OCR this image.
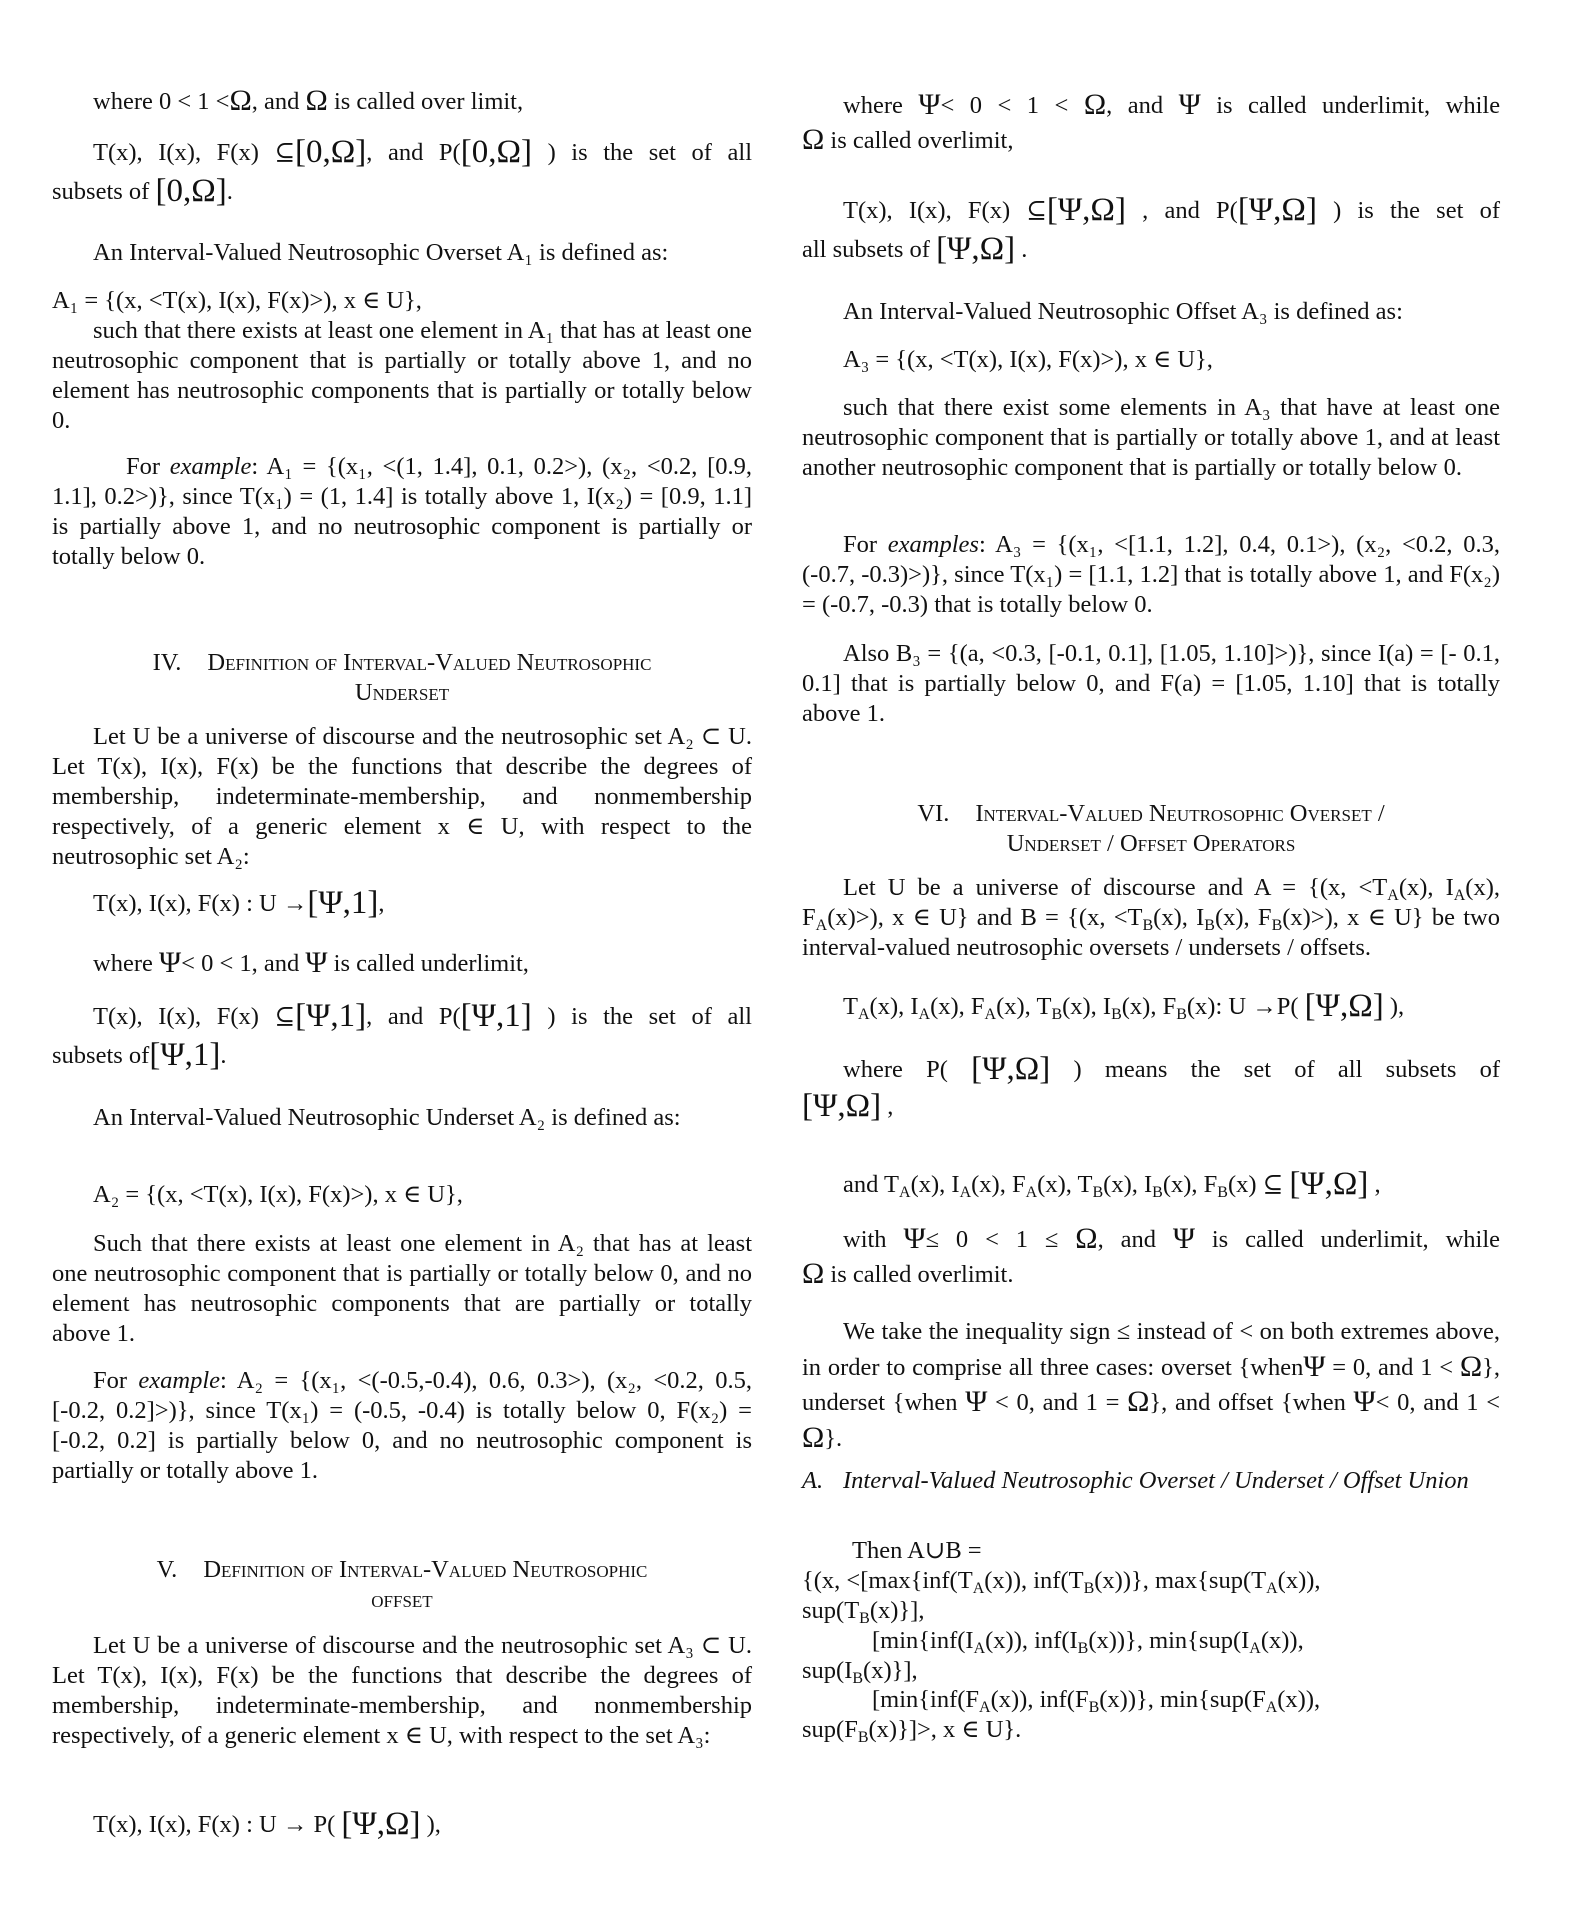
where 0 < 1 <Ω, and Ω is called over limit,

T(x), I(x), F(x) ⊆[0,Ω], and P([0,Ω] ) is the set of all

subsets of [0,Ω].

An Interval-Valued Neutrosophic Overset A₁ is defined as:

A₁ = {(x, <T(x), I(x), F(x)>), x ∈ U},

such that there exists at least one element in A₁ that has at least one neutrosophic component that is partially or totally above 1, and no element has neutrosophic components that is partially or totally below 0.

For example: A₁ = {(x₁, <(1, 1.4], 0.1, 0.2>), (x₂, <0.2, [0.9, 1.1], 0.2>)}, since T(x₁) = (1, 1.4] is totally above 1, I(x₂) = [0.9, 1.1] is partially above 1, and no neutrosophic component is partially or totally below 0.

IV. Definition of Interval-Valued Neutrosophic

Underset

Let U be a universe of discourse and the neutrosophic set A₂ ⊂ U. Let T(x), I(x), F(x) be the functions that describe the degrees of membership, indeterminate-membership, and nonmembership respectively, of a generic element x ∈ U, with respect to the neutrosophic set A₂:

T(x), I(x), F(x) : U →[Ψ,1],

where Ψ< 0 < 1, and Ψ is called underlimit,

T(x), I(x), F(x) ⊆[Ψ,1], and P([Ψ,1] ) is the set of all

subsets of[Ψ,1].

An Interval-Valued Neutrosophic Underset A₂ is defined as:

A₂ = {(x, <T(x), I(x), F(x)>), x ∈ U},

Such that there exists at least one element in A₂ that has at least one neutrosophic component that is partially or totally below 0, and no element has neutrosophic components that are partially or totally above 1.

For example: A₂ = {(x₁, <(-0.5,-0.4), 0.6, 0.3>), (x₂, <0.2, 0.5, [-0.2, 0.2]>)}, since T(x₁) = (-0.5, -0.4) is totally below 0, F(x₂) = [-0.2, 0.2] is partially below 0, and no neutrosophic component is partially or totally above 1.

V. Definition of Interval-Valued Neutrosophic

offset

Let U be a universe of discourse and the neutrosophic set A₃ ⊂ U. Let T(x), I(x), F(x) be the functions that describe the degrees of membership, indeterminate-membership, and nonmembership respectively, of a generic element x ∈ U, with respect to the set A₃:

T(x), I(x), F(x) : U → P( [Ψ,Ω] ),

where Ψ< 0 < 1 < Ω, and Ψ is called underlimit, while

Ω is called overlimit,

T(x), I(x), F(x) ⊆[Ψ,Ω] , and P([Ψ,Ω] ) is the set of

all subsets of [Ψ,Ω] .

An Interval-Valued Neutrosophic Offset A₃ is defined as:

A₃ = {(x, <T(x), I(x), F(x)>), x ∈ U},

such that there exist some elements in A₃ that have at least one neutrosophic component that is partially or totally above 1, and at least another neutrosophic component that is partially or totally below 0.

For examples: A₃ = {(x₁, <[1.1, 1.2], 0.4, 0.1>), (x₂, <0.2, 0.3, (-0.7, -0.3)>)}, since T(x₁) = [1.1, 1.2] that is totally above 1, and F(x₂) = (-0.7, -0.3) that is totally below 0.

Also B₃ = {(a, <0.3, [-0.1, 0.1], [1.05, 1.10]>)}, since I(a) = [- 0.1, 0.1] that is partially below 0, and F(a) = [1.05, 1.10] that is totally above 1.

VI. Interval-Valued Neutrosophic Overset /

Underset / Offset Operators

Let U be a universe of discourse and A = {(x, $<T_A(x)$, $I_A(x)$, $F_A(x)>$), x ∈ U} and B = {(x, $<T_B(x)$, $I_B(x)$, $F_B(x)>$), x ∈ U} be two interval-valued neutrosophic oversets / undersets / offsets.

$T_A(x)$, $I_A(x)$, $F_A(x)$, $T_B(x)$, $I_B(x)$, $F_B(x)$: U →P( [Ψ,Ω] ),

where P( [Ψ,Ω] ) means the set of all subsets of

[Ψ,Ω] ,

and $T_A(x)$, $I_A(x)$, $F_A(x)$, $T_B(x)$, $I_B(x)$, $F_B(x)$ ⊆ [Ψ,Ω] ,

with Ψ≤ 0 < 1 ≤ Ω, and Ψ is called underlimit, while

Ω is called overlimit.

We take the inequality sign ≤ instead of < on both extremes above, in order to comprise all three cases: overset {whenΨ = 0, and 1 < Ω}, underset {when Ψ < 0, and 1 = Ω}, and offset {when Ψ< 0, and 1 < Ω}.

A. Interval-Valued Neutrosophic Overset / Underset / Offset Union

Then A∪B =

{(x, $<[\max\{inf(T_A(x))$, $inf(T_B(x))$}, $\max\{sup(T_A(x))$,

$sup(T_B(x)\}$],

[$\min\{inf(I_A(x))$, $inf(I_B(x))$}, $\min\{sup(I_A(x))$,

$sup(I_B(x)\}$],

[$\min\{inf(F_A(x))$, $inf(F_B(x))$}, $\min\{sup(F_A(x))$,

$sup(F_B(x)\}]>$, x ∈ U}.
